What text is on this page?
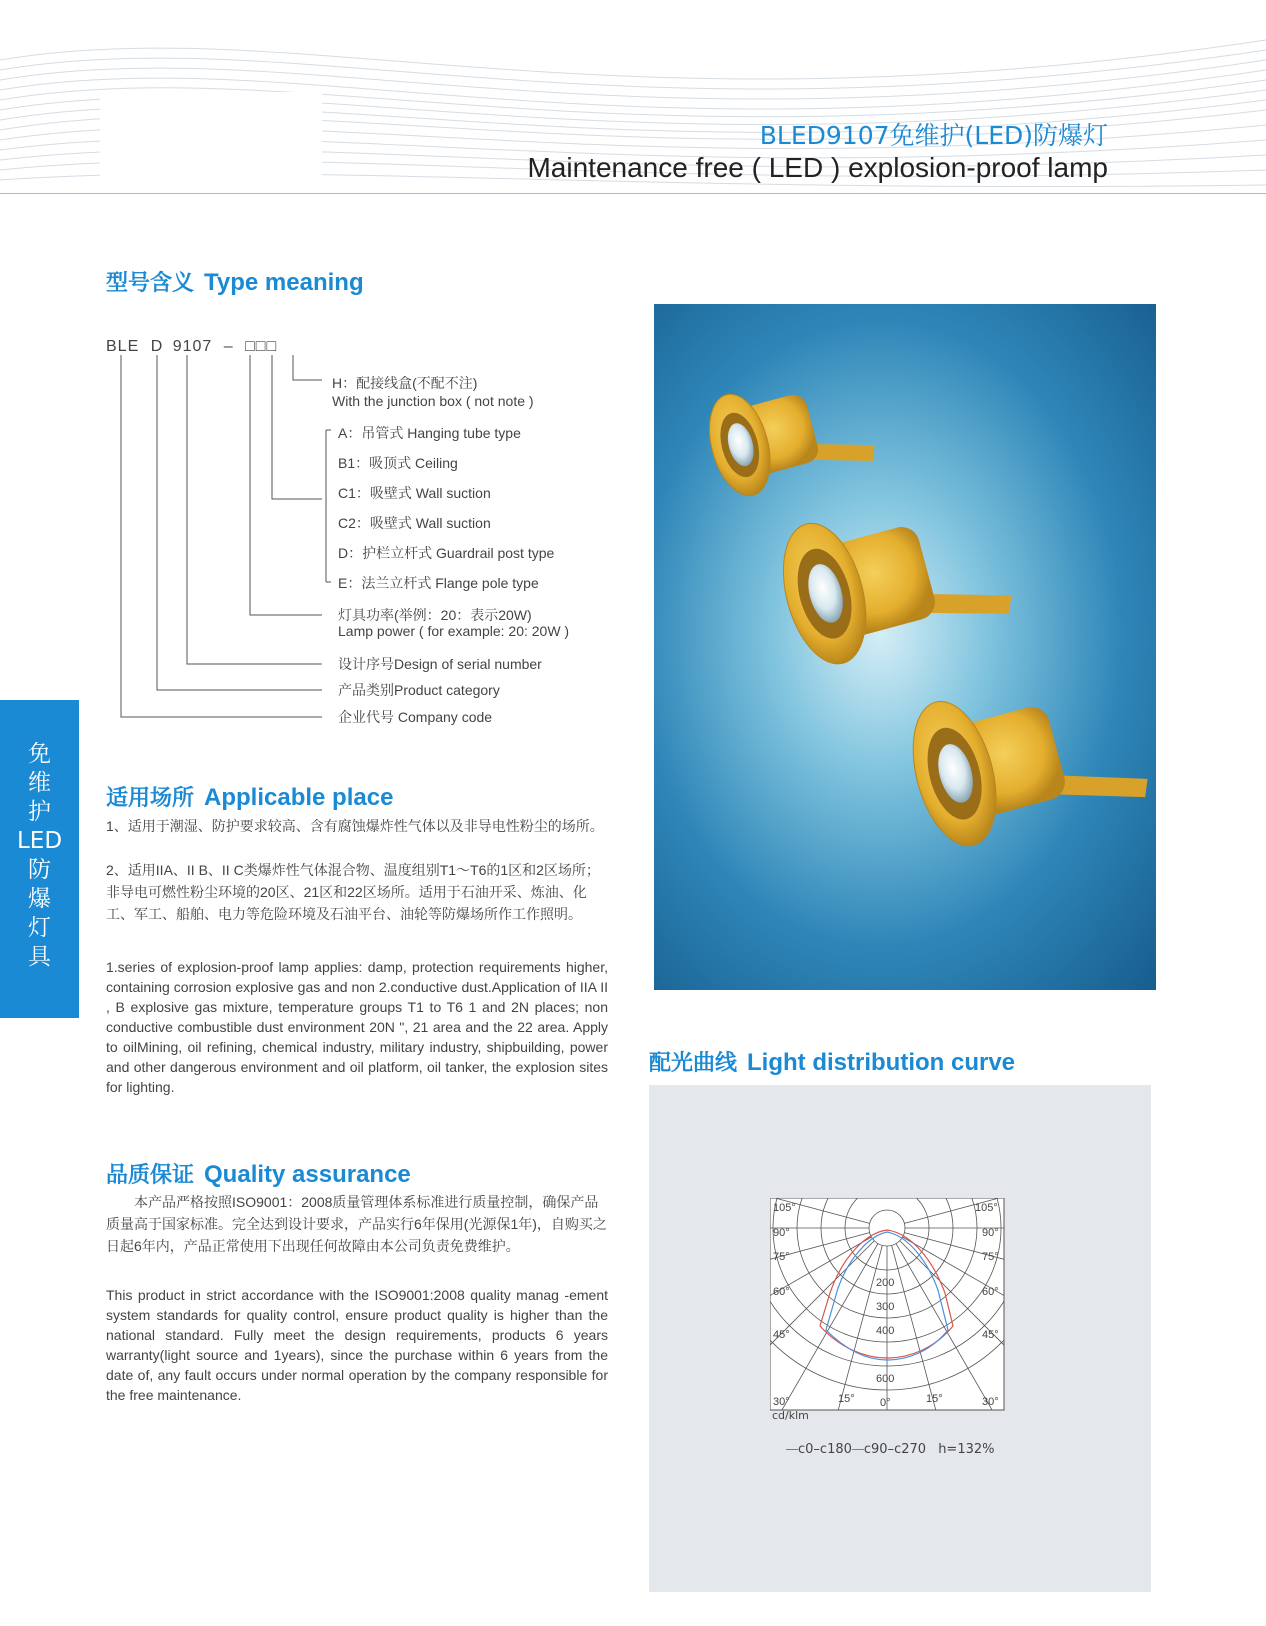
BLED9107免维护(LED)防爆灯
Maintenance free ( LED ) explosion-proof lamp
免
维
护
LED
防
爆
灯
具
型号含义 Type meaning
BLE D 9107 – □□□
H：配接线盒(不配不注)
With the junction box ( not note )
A：吊管式 Hanging tube type
B1：吸顶式 Ceiling
C1：吸壁式 Wall suction
C2：吸壁式 Wall suction
D：护栏立杆式 Guardrail post type
E：法兰立杆式 Flange pole type
灯具功率(举例：20：表示20W)
Lamp power ( for example: 20: 20W )
设计序号Design of serial number
产品类别Product category
企业代号 Company code
适用场所 Applicable place
1、适用于潮湿、防护要求较高、含有腐蚀爆炸性气体以及非导电性粉尘的场所。
2、适用IIA、II B、II C类爆炸性气体混合物、温度组别T1～T6的1区和2区场所；非导电可燃性粉尘环境的20区、21区和22区场所。适用于石油开采、炼油、化工、军工、船舶、电力等危险环境及石油平台、油轮等防爆场所作工作照明。
1.series of explosion-proof lamp applies: damp, protection requirements higher, containing corrosion explosive gas and non 2.conductive dust.Application of IIA II , B explosive gas mixture, temperature groups T1 to T6 1 and 2N places; non conductive combustible dust environment 20N ", 21 area and the 22 area. Apply to oilMining, oil refining, chemical industry, military industry, shipbuilding, power and other dangerous environment and oil platform, oil tanker, the explosion sites for lighting.
品质保证 Quality assurance
本产品严格按照ISO9001：2008质量管理体系标准进行质量控制，确保产品质量高于国家标准。完全达到设计要求，产品实行6年保用(光源保1年)，自购买之日起6年内，产品正常使用下出现任何故障由本公司负责免费维护。
This product in strict accordance with the ISO9001:2008 quality manag -ement system standards for quality control, ensure product quality is higher than the national standard. Fully meet the design requirements, products 6 years warranty(light source and 1years), since the purchase within 6 years from the date of, any fault occurs under normal operation by the company responsible for the free maintenance.
配光曲线 Light distribution curve
105°	105°
90°	90°
75°	75°
60°	60°
45°	45°
30°	30°
15°	15°
0°
200
300
400
600
cd/klm
c0–c180 c90–c270 h=132%
